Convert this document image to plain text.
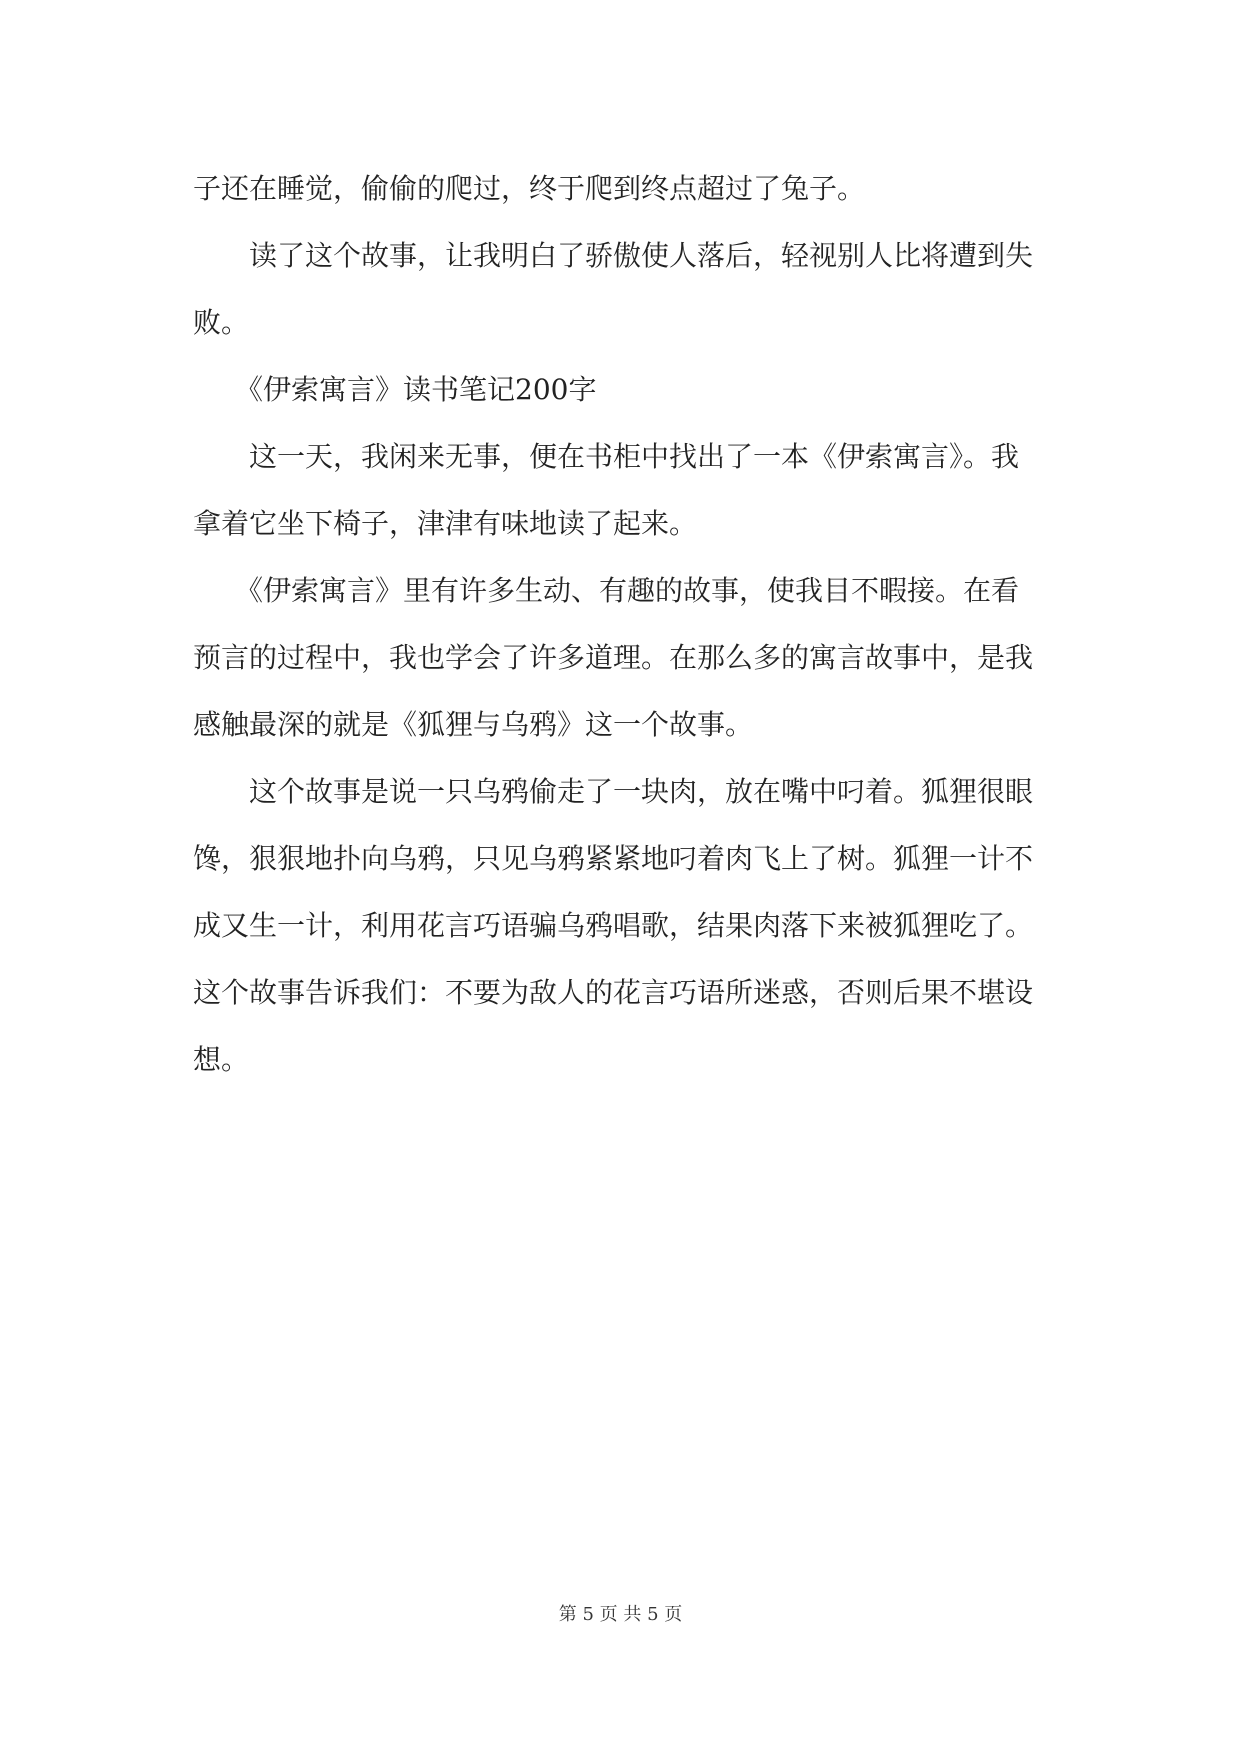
子还在睡觉，偷偷的爬过，终于爬到终点超过了兔子。
　　读了这个故事，让我明白了骄傲使人落后，轻视别人比将遭到失
败。
　　《伊索寓言》读书笔记200字
　　这一天，我闲来无事，便在书柜中找出了一本《伊索寓言》。我
拿着它坐下椅子，津津有味地读了起来。
　　《伊索寓言》里有许多生动、有趣的故事，使我目不暇接。在看
预言的过程中，我也学会了许多道理。在那么多的寓言故事中，是我
感触最深的就是《狐狸与乌鸦》这一个故事。
　　这个故事是说一只乌鸦偷走了一块肉，放在嘴中叼着。狐狸很眼
馋，狠狠地扑向乌鸦，只见乌鸦紧紧地叼着肉飞上了树。狐狸一计不
成又生一计，利用花言巧语骗乌鸦唱歌，结果肉落下来被狐狸吃了。
这个故事告诉我们：不要为敌人的花言巧语所迷惑，否则后果不堪设
想。
第 5 页 共 5 页
